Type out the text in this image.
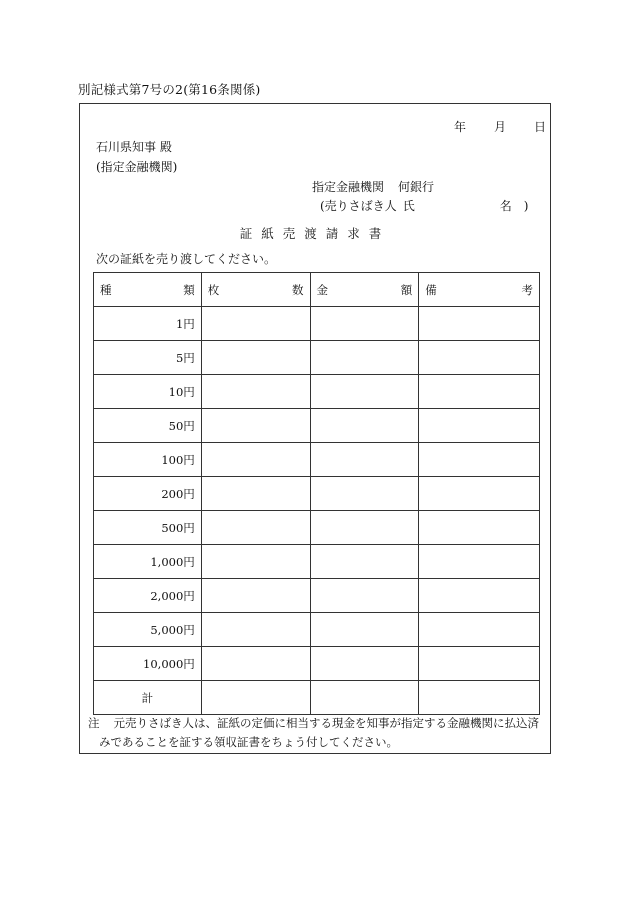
別記様式第7号の2(第16条関係)
年 月 日
石川県知事 殿
(指定金融機関)
指定金融機関 何銀行
(売りさばき人 氏	名 )
証紙売渡請求書
次の証紙を売り渡してください。
種 類	枚 数	金 額	備 考

1円			
5円			
10円			
50円			
100円			
200円			
500円			
1,000円			
2,000円			
5,000円			
10,000円			
計			
注 元売りさばき人は、証紙の定価に相当する現金を知事が指定する金融機関に払込済
みであることを証する領収証書をちょう付してください。
